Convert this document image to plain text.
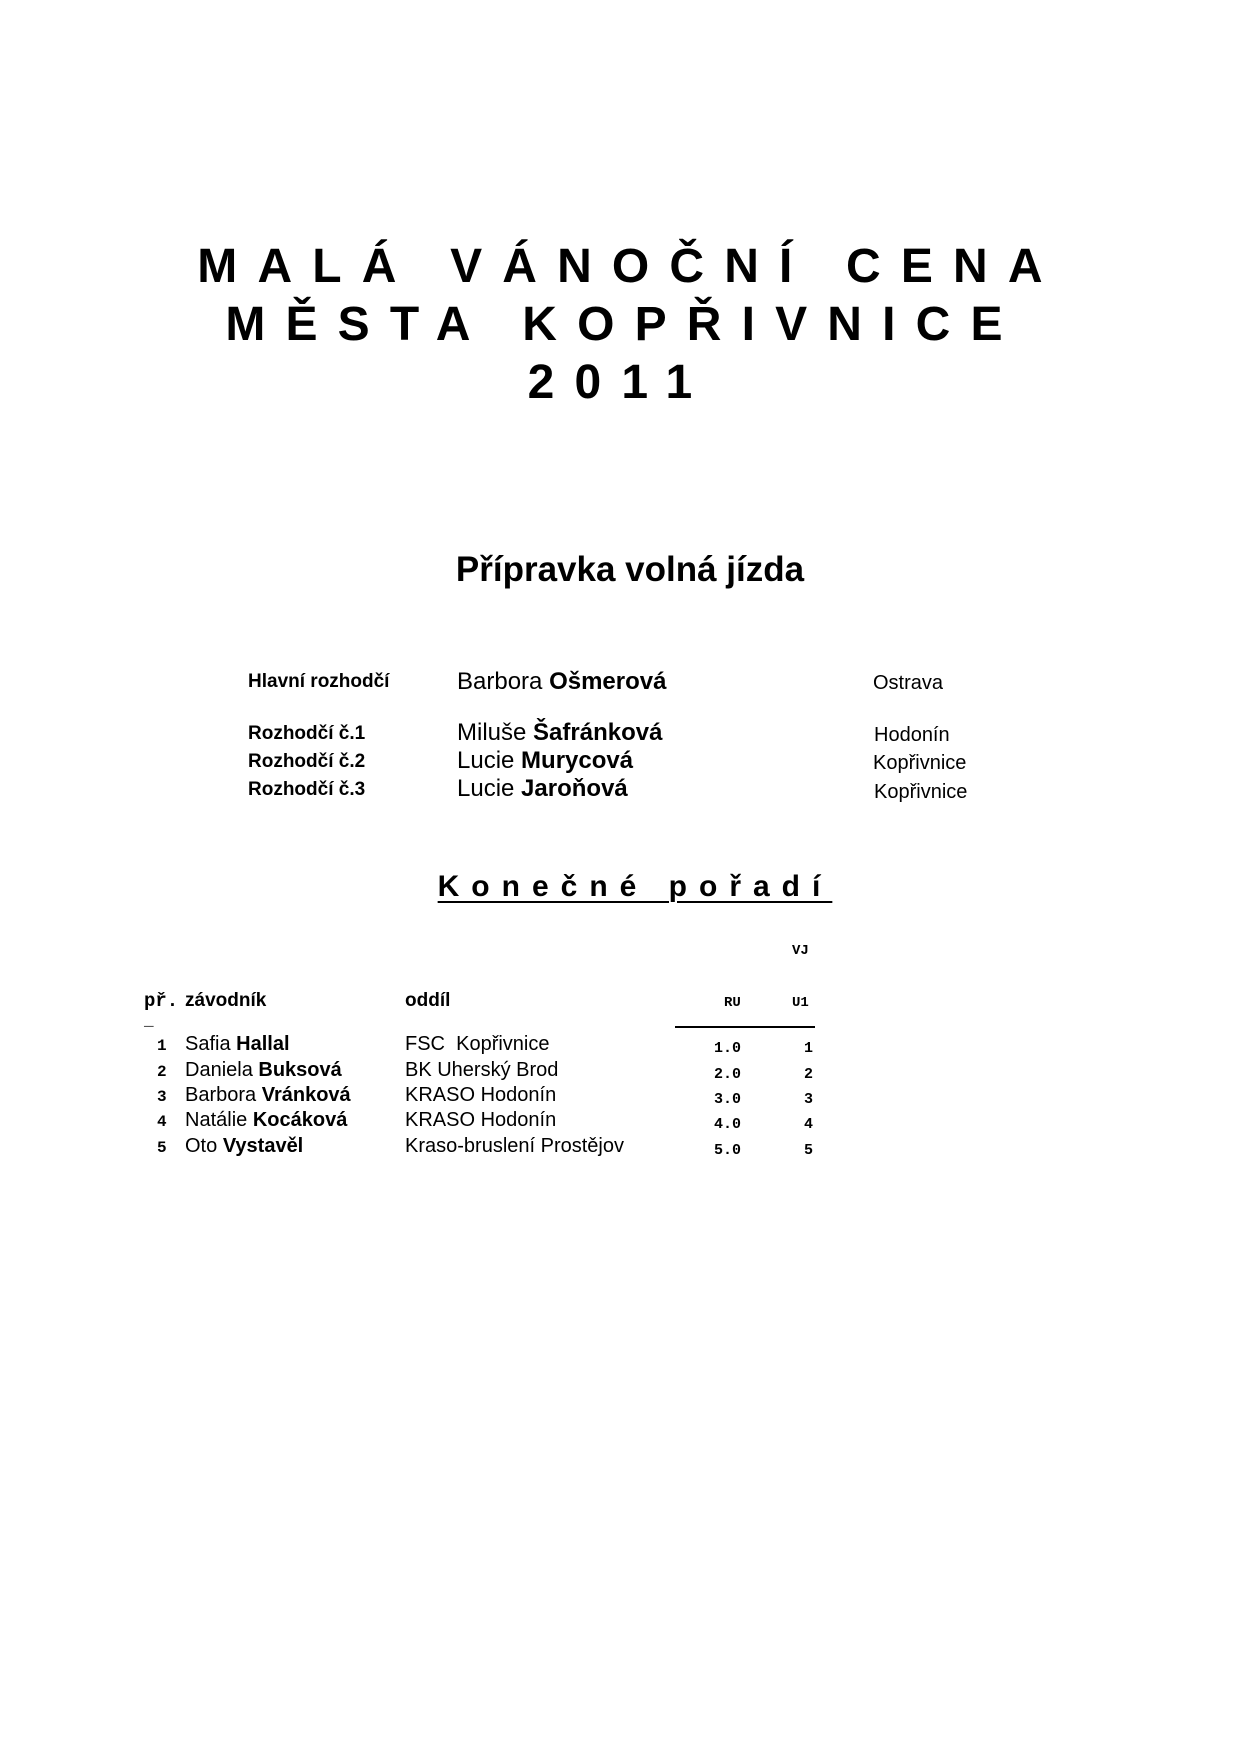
MALÁ VÁNOČNÍ CENA
MĚSTA KOPŘIVNICE
2011
Přípravka volná jízda
Hlavní rozhodčí	Barbora Ošmerová	Ostrava
Rozhodčí č.1	Miluše Šafránková	Hodonín
Rozhodčí č.2	Lucie Murycová	Kopřivnice
Rozhodčí č.3	Lucie Jaroňová	Kopřivnice
Konečné pořadí
VJ
př. závodník	oddíl	RU	U1
_
1 Safia Hallal	FSC  Kopřivnice	1.0	1
2 Daniela Buksová	BK Uherský Brod	2.0	2
3 Barbora Vránková	KRASO Hodonín	3.0	3
4 Natálie Kocáková	KRASO Hodonín	4.0	4
5 Oto Vystavěl	Kraso-bruslení Prostějov	5.0	5
